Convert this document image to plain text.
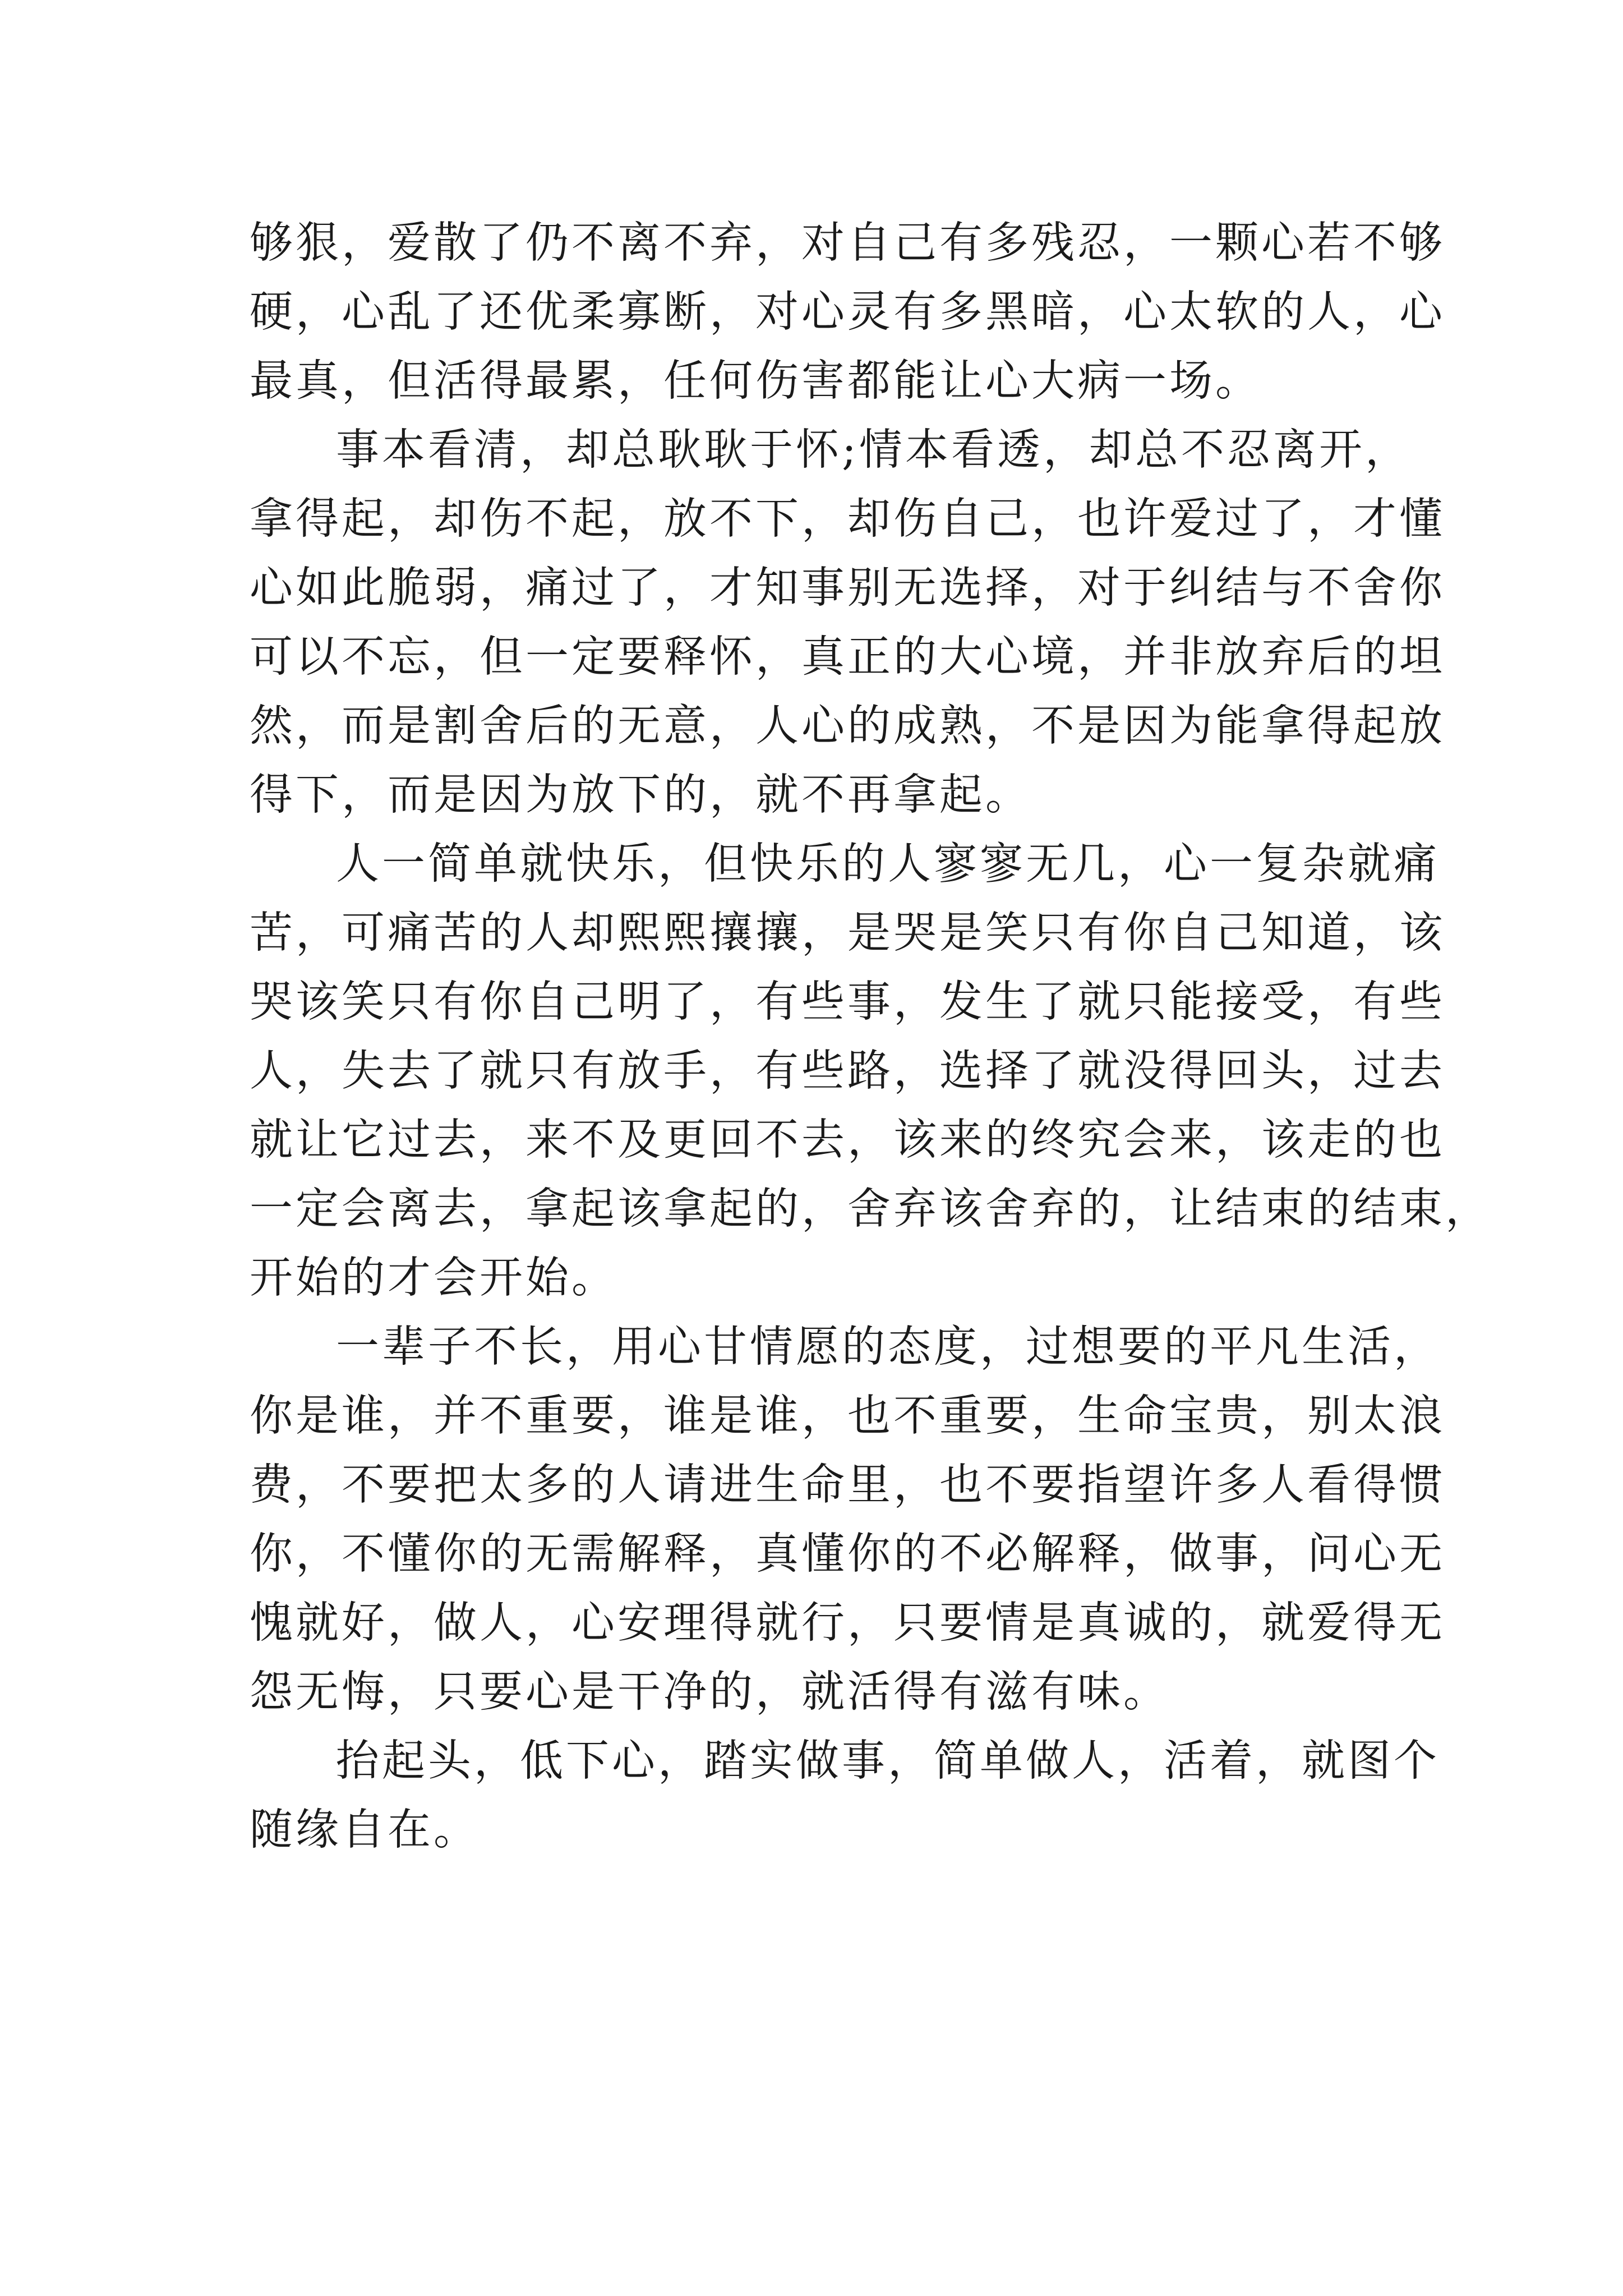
够狠，爱散了仍不离不弃，对自己有多残忍，一颗心若不够
硬，心乱了还优柔寡断，对心灵有多黑暗，心太软的人，心
最真，但活得最累，任何伤害都能让心大病一场。
事本看清，却总耿耿于怀;情本看透，却总不忍离开，
拿得起，却伤不起，放不下，却伤自己，也许爱过了，才懂
心如此脆弱，痛过了，才知事别无选择，对于纠结与不舍你
可以不忘，但一定要释怀，真正的大心境，并非放弃后的坦
然，而是割舍后的无意，人心的成熟，不是因为能拿得起放
得下，而是因为放下的，就不再拿起。
人一简单就快乐，但快乐的人寥寥无几，心一复杂就痛
苦，可痛苦的人却熙熙攘攘，是哭是笑只有你自己知道，该
哭该笑只有你自己明了，有些事，发生了就只能接受，有些
人，失去了就只有放手，有些路，选择了就没得回头，过去
就让它过去，来不及更回不去，该来的终究会来，该走的也
一定会离去，拿起该拿起的，舍弃该舍弃的，让结束的结束，
开始的才会开始。
一辈子不长，用心甘情愿的态度，过想要的平凡生活，
你是谁，并不重要，谁是谁，也不重要，生命宝贵，别太浪
费，不要把太多的人请进生命里，也不要指望许多人看得惯
你，不懂你的无需解释，真懂你的不必解释，做事，问心无
愧就好，做人，心安理得就行，只要情是真诚的，就爱得无
怨无悔，只要心是干净的，就活得有滋有味。
抬起头，低下心，踏实做事，简单做人，活着，就图个
随缘自在。
